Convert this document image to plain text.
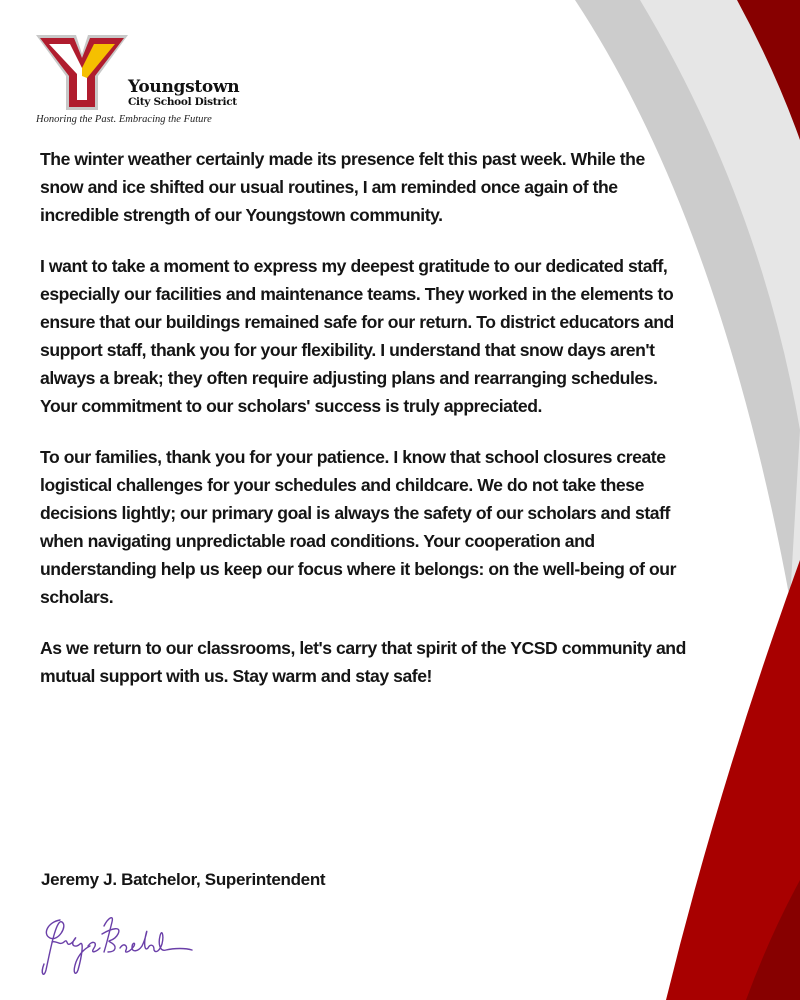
Youngstown
City School District
Honoring the Past. Embracing the Future

The winter weather certainly made its presence felt this past week. While the snow and ice shifted our usual routines, I am reminded once again of the incredible strength of our Youngstown community.

I want to take a moment to express my deepest gratitude to our dedicated staff, especially our facilities and maintenance teams. They worked in the elements to ensure that our buildings remained safe for our return. To district educators and support staff, thank you for your flexibility. I understand that snow days aren't always a break; they often require adjusting plans and rearranging schedules. Your commitment to our scholars' success is truly appreciated.

To our families, thank you for your patience. I know that school closures create logistical challenges for your schedules and childcare. We do not take these decisions lightly; our primary goal is always the safety of our scholars and staff when navigating unpredictable road conditions. Your cooperation and understanding help us keep our focus where it belongs: on the well-being of our scholars.

As we return to our classrooms, let's carry that spirit of the YCSD community and mutual support with us. Stay warm and stay safe!

Jeremy J. Batchelor, Superintendent
